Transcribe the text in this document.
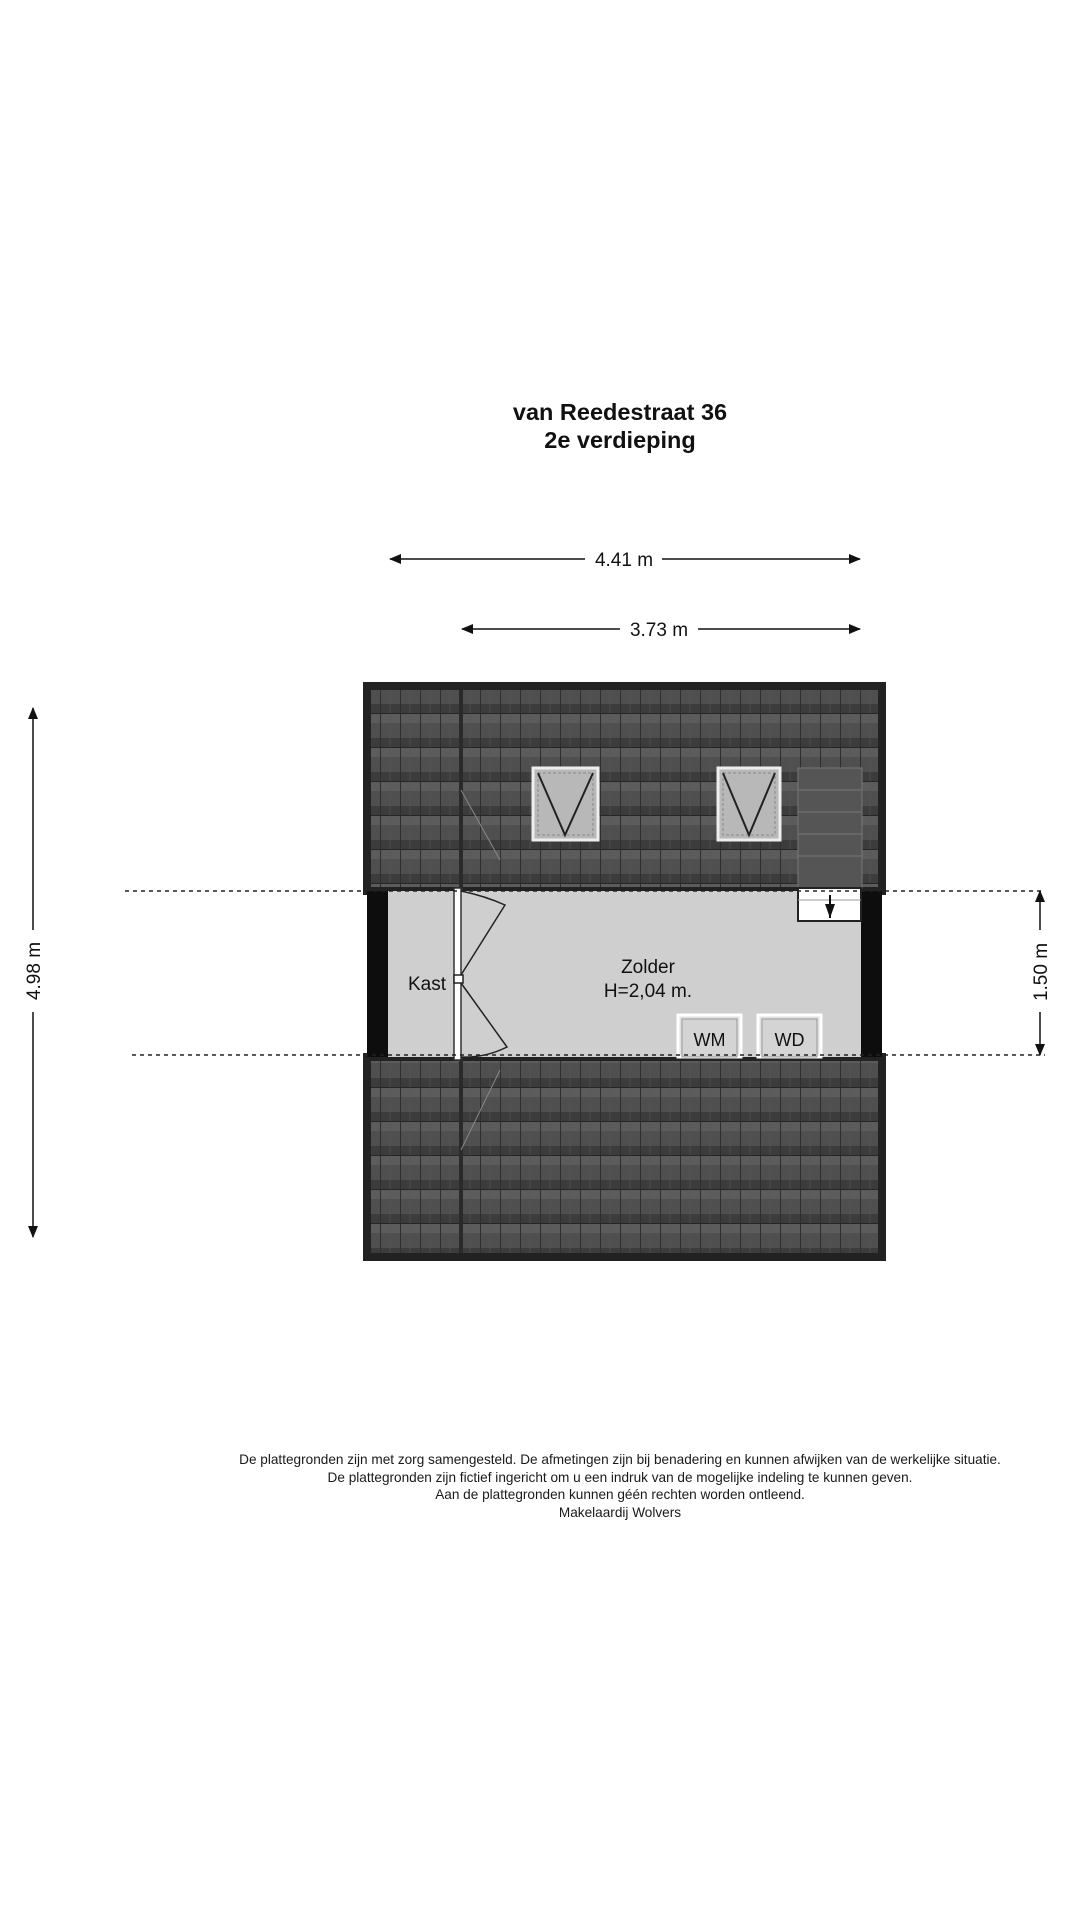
van Reedestraat 36
2e verdieping
WM	WD
Kast
Zolder
H=2,04 m.
4.41 m
3.73 m
4.98 m	1.50 m
De plattegronden zijn met zorg samengesteld. De afmetingen zijn bij benadering en kunnen afwijken van de werkelijke situatie.
De plattegronden zijn fictief ingericht om u een indruk van de mogelijke indeling te kunnen geven.
Aan de plattegronden kunnen géén rechten worden ontleend.
Makelaardij Wolvers
